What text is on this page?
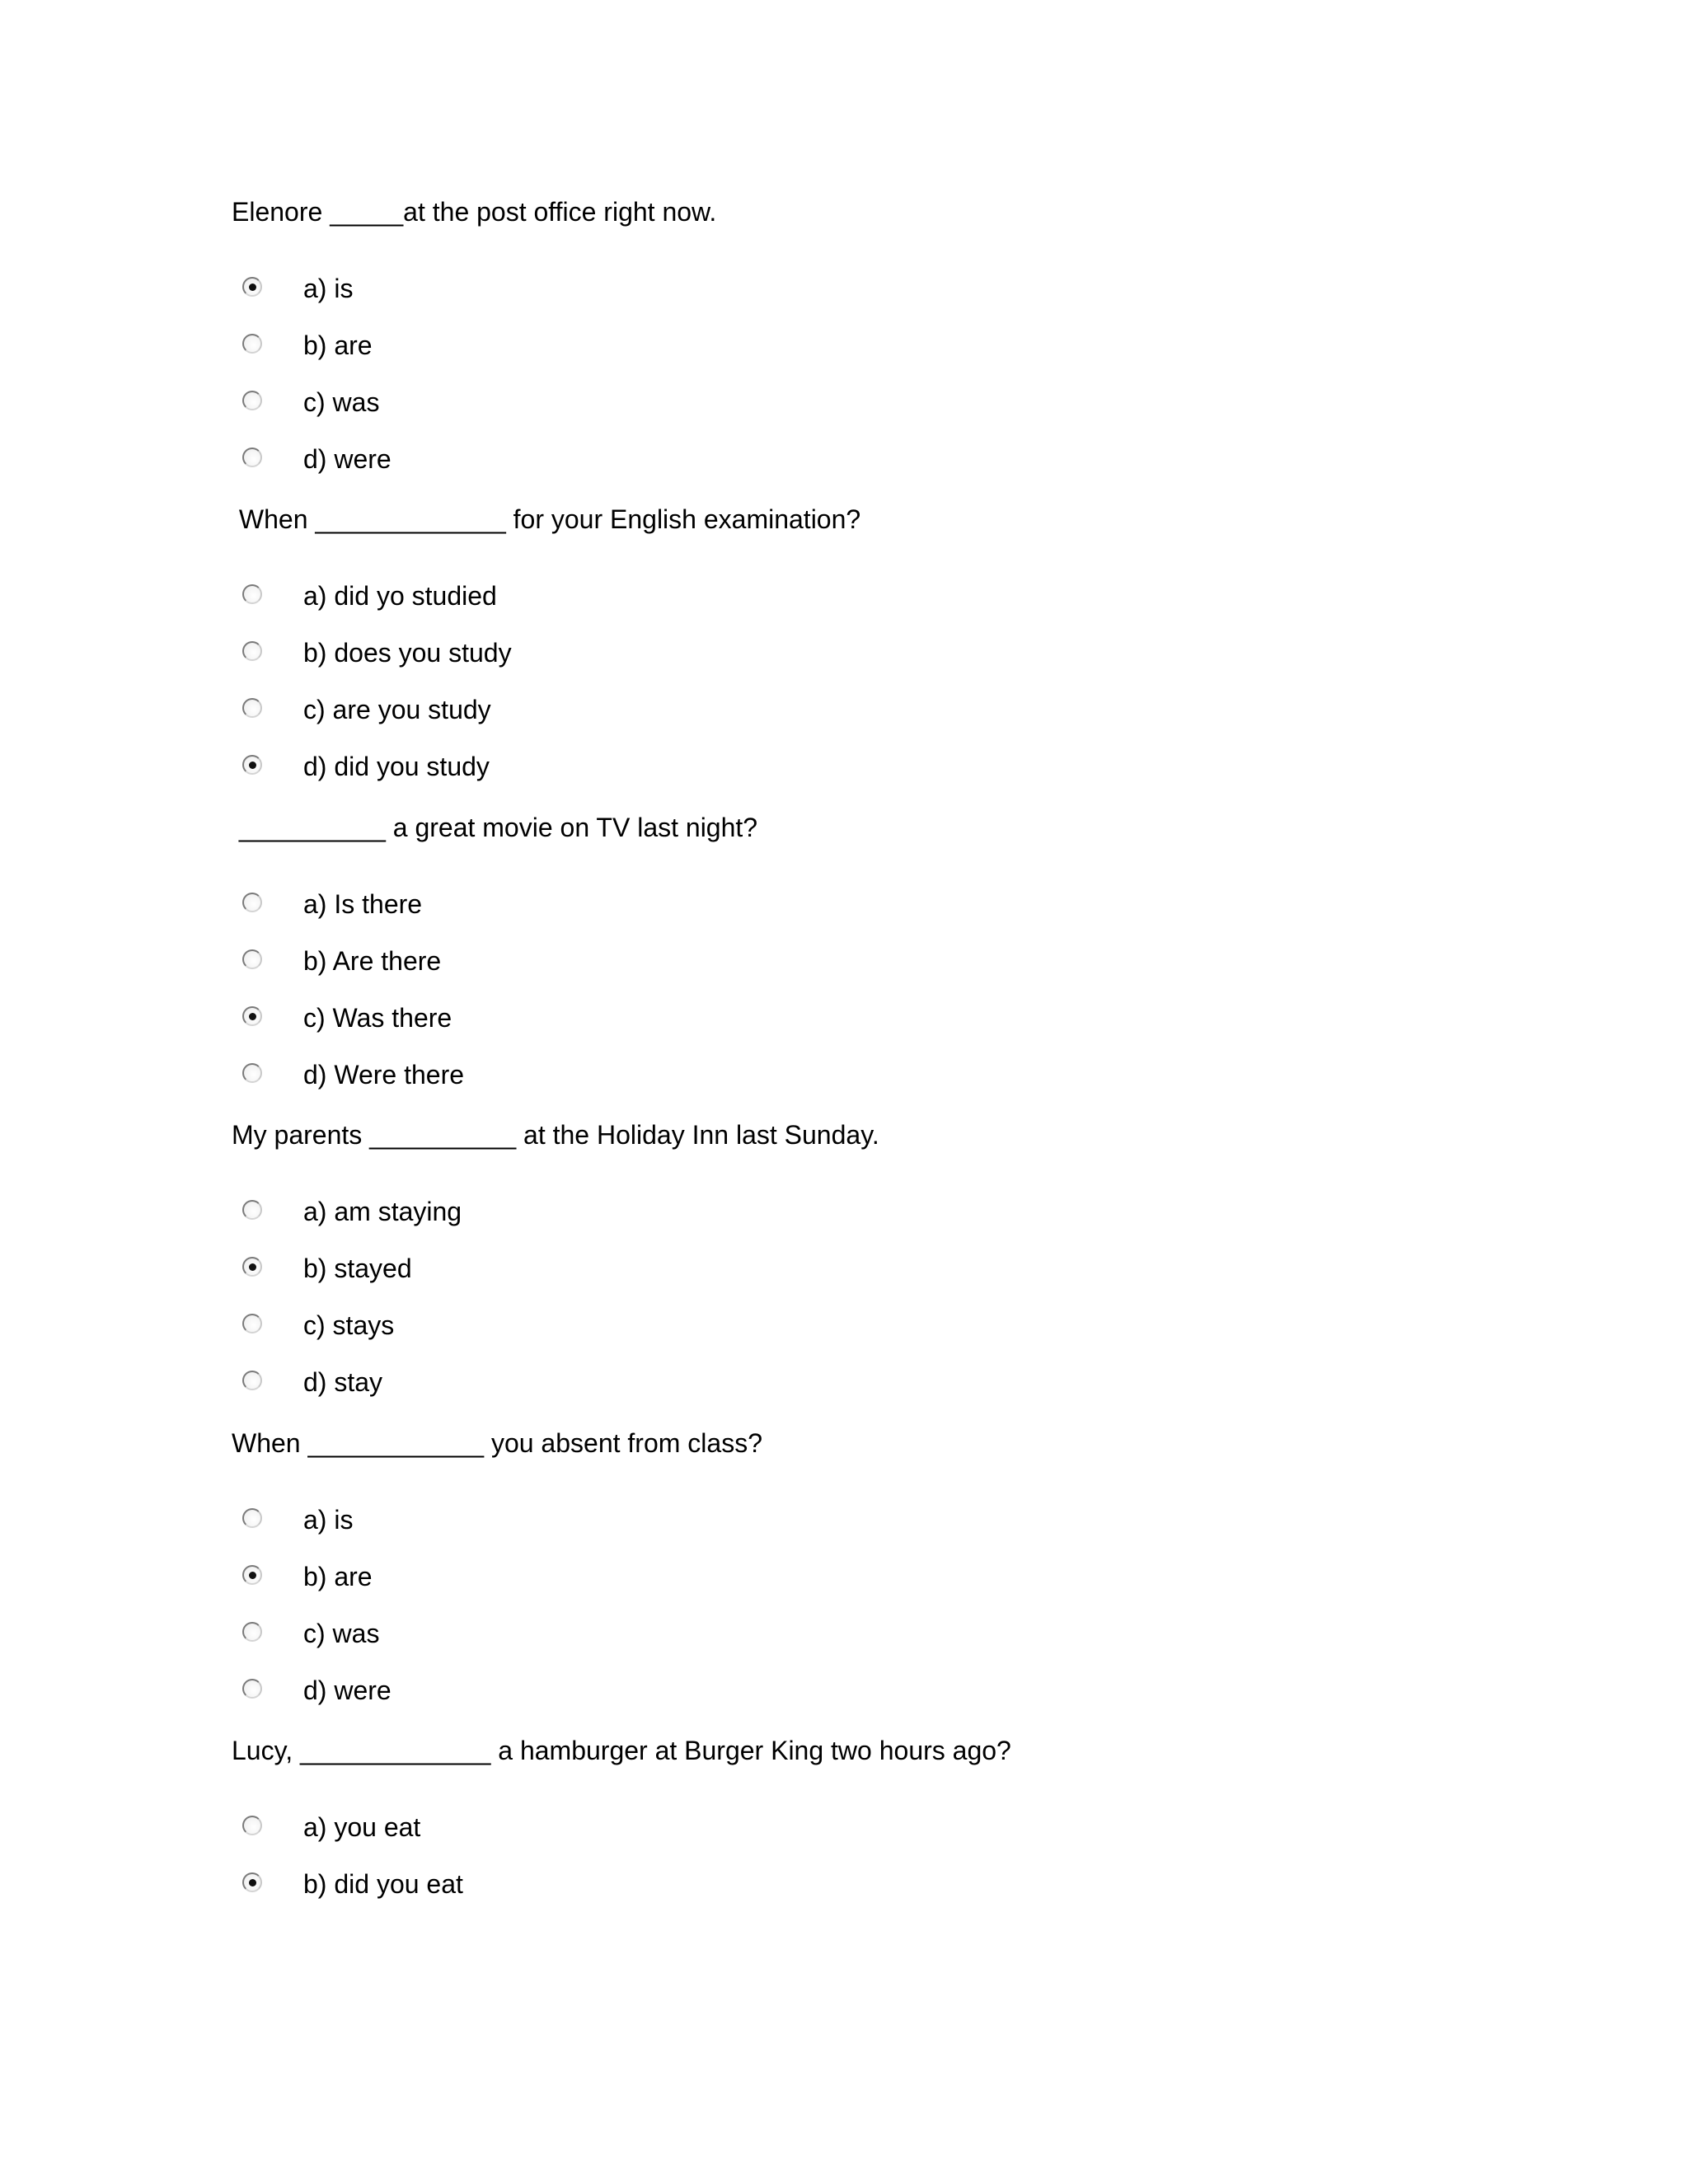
Elenore _____at the post office right now.

a) is
b) are
c) was
d) were

When _____________ for your English examination?

a) did yo studied
b) does you study
c) are you study
d) did you study

__________ a great movie on TV last night?

a) Is there
b) Are there
c) Was there
d) Were there

My parents __________ at the Holiday Inn last Sunday.

a) am staying
b) stayed
c) stays
d) stay

When ____________ you absent from class?

a) is
b) are
c) was
d) were

Lucy, _____________ a hamburger at Burger King two hours ago?

a) you eat
b) did you eat
